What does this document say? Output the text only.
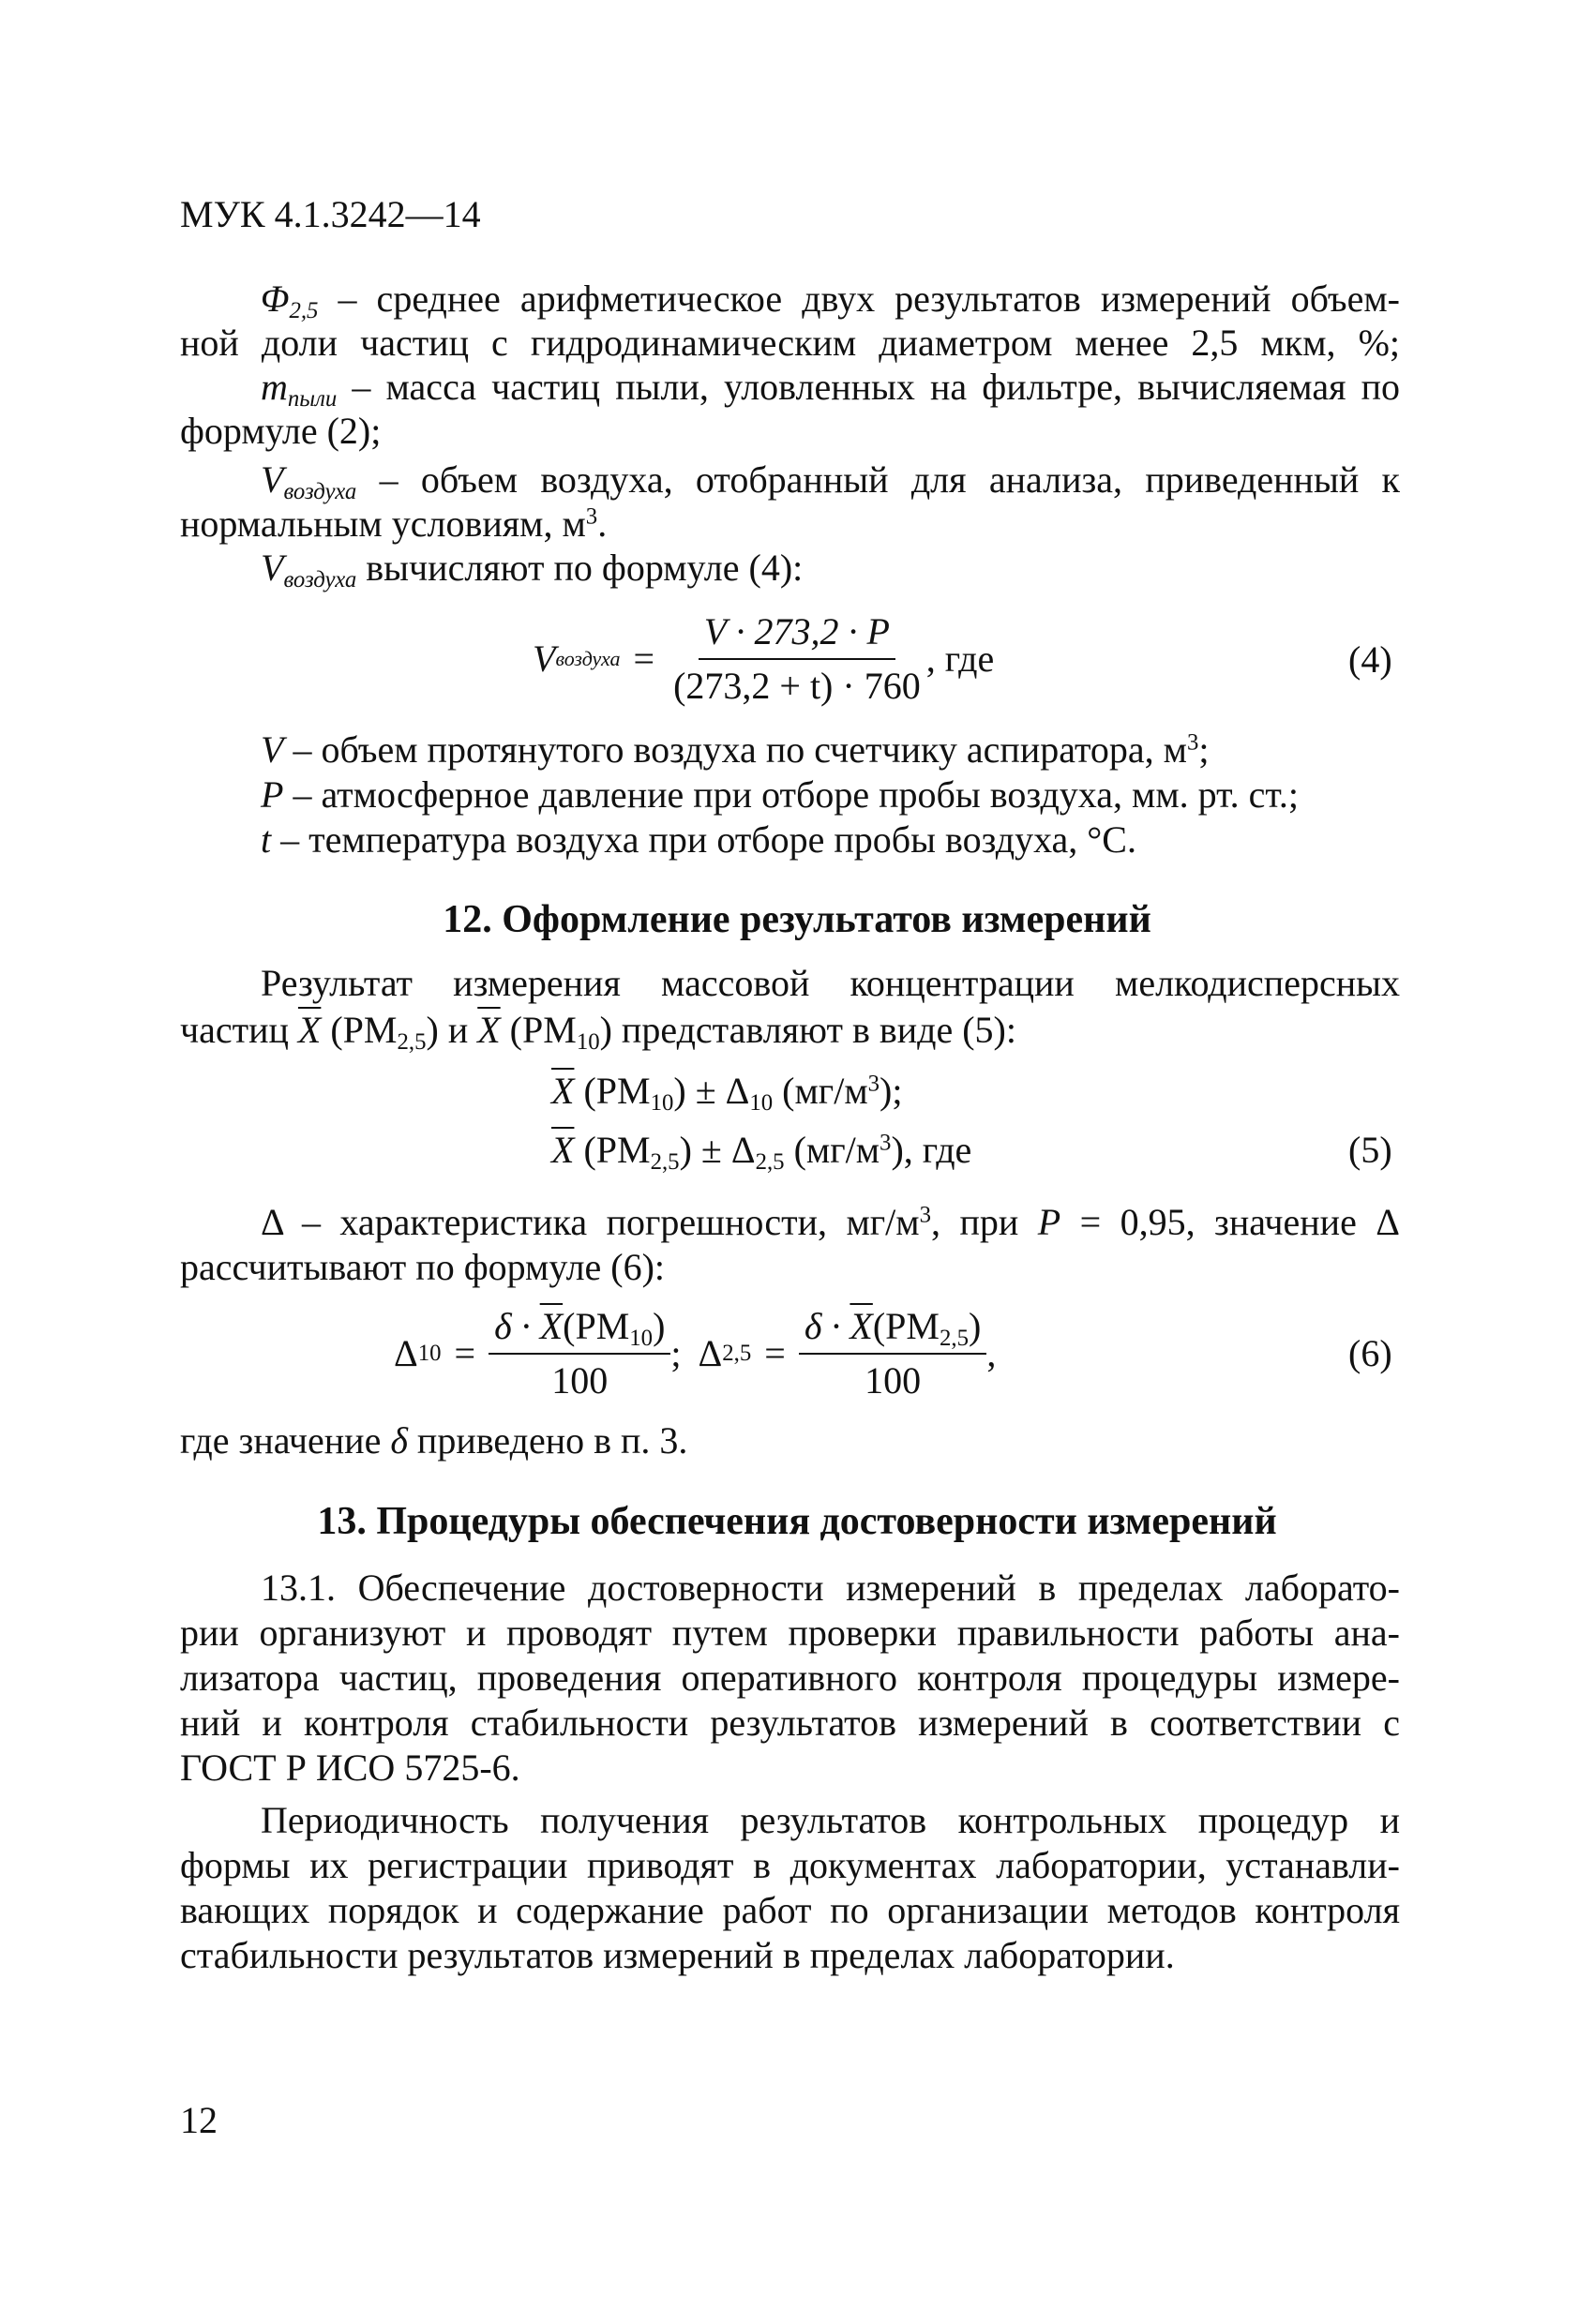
МУК 4.1.3242—14
$\Phi_{2,5}$ – среднее арифметическое двух результатов измерений объем-
ной доли частиц с гидродинамическим диаметром менее 2,5 мкм, %;
$m_{пыли}$ – масса частиц пыли, уловленных на фильтре, вычисляемая по
формуле (2);
$V_{воздуха}$ – объем воздуха, отобранный для анализа, приведенный к
нормальным условиям, $м^3$.
$V_{воздуха}$ вычисляют по формуле (4):
V воздуха = $\frac{V \cdot 273,2 \cdot P}{(273,2 + t) \cdot 760}$ , где	(4)
V – объем протянутого воздуха по счетчику аспиратора, $м^3$;
P – атмосферное давление при отборе пробы воздуха, мм. рт. ст.;
t – температура воздуха при отборе пробы воздуха, °С.
12. Оформление результатов измерений
Результат измерения массовой концентрации мелкодисперсных
частиц $\overline{X}$ $(PM_{2,5})$ и $\overline{X}$ $(PM_{10})$ представляют в виде (5):
$\overline{X}$ $(PM_{10}) \pm \Delta_{10}$ $(мг/м^3)$;
$\overline{X}$ $(PM_{2,5}) \pm \Delta_{2,5}$ $(мг/м^3)$, где	(5)
Δ – характеристика погрешности, $мг/м^3$, при P = 0,95, значение Δ
рассчитывают по формуле (6):
Δ $10 = \frac{\delta \cdot \overline{X}(PM_{10})}{100}$ ; Δ $2,5 = \frac{\delta \cdot \overline{X}(PM_{2,5})}{100}$ ,	(6)
где значение δ приведено в п. 3.
13. Процедуры обеспечения достоверности измерений
13.1. Обеспечение достоверности измерений в пределах лаборато-
рии организуют и проводят путем проверки правильности работы ана-
лизатора частиц, проведения оперативного контроля процедуры измере-
ний и контроля стабильности результатов измерений в соответствии с
ГОСТ Р ИСО 5725-6.
Периодичность получения результатов контрольных процедур и
формы их регистрации приводят в документах лаборатории, устанавли-
вающих порядок и содержание работ по организации методов контроля
стабильности результатов измерений в пределах лаборатории.
12
